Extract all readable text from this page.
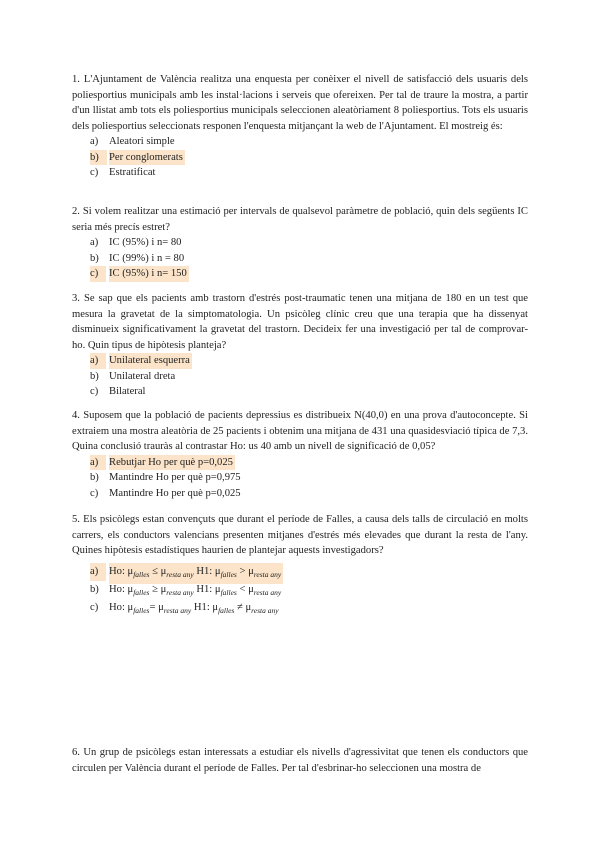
1. L'Ajuntament de València realitza una enquesta per conèixer el nivell de satisfacció dels usuaris dels poliesportius municipals amb les instal·lacions i serveis que ofereixen. Per tal de traure la mostra, a partir d'un llistat amb tots els poliesportius municipals seleccionen aleatòriament 8 poliesportius. Tots els usuaris dels poliesportius seleccionats responen l'enquesta mitjançant la web de l'Ajuntament. El mostreig és:

a) Aleatori simple
b) Per conglomerats
c) Estratificat

2. Si volem realitzar una estimació per intervals de qualsevol paràmetre de població, quin dels següents IC seria més precís estret?

a) IC (95%) i n= 80
b) IC (99%) i n = 80
c)	IC (95%) i n= 150

3. Se sap que els pacients amb trastorn d'estrés post-traumatic tenen una mitjana de 180 en un test que mesura la gravetat de la simptomatologia. Un psicòleg clínic creu que una terapia que ha dissenyat disminueix significativament la gravetat del trastorn. Decideix fer una investigació per tal de comprovar-ho. Quin tipus de hipòtesis planteja?

a)	Unilateral esquerra
b) Unilateral dreta
c) Bilateral

4. Suposem que la població de pacients depressius es distribueix N(40,0) en una prova d'autoconcepte. Si extraiem una mostra aleatòria de 25 pacients i obtenim una mitjana de 431 una quasidesviació típica de 7,3. Quina conclusió trauràs al contrastar Ho: us 40 amb un nivell de significació de 0,05?

a)	Rebutjar Ho per què p=0,025
b) Mantindre Ho per què p=0,975
c) Mantindre Ho per què p=0,025

5. Els psicòlegs estan convençuts que durant el període de Falles, a causa dels talls de circulació en molts carrers, els conductors valencians presenten mitjanes d'estrés més elevades que durant la resta de l'any. Quines hipòtesis estadístiques haurien de plantejar aquests investigadors?

a)	Ho: $\mu_{falles} \le \mu_{resta any}$ H1: $\mu_{falles} > \mu_{resta any}$
b) Ho: $\mu_{falles} \ge \mu_{resta any}$ H1: $\mu_{falles} < \mu_{resta any}$
c) Ho: $\mu_{falles}= \mu_{resta any}$ H1: $\mu_{falles} \ne \mu_{resta any}$

6. Un grup de psicòlegs estan interessats a estudiar els nivells d'agressivitat que tenen els conductors que circulen per València durant el període de Falles. Per tal d'esbrinar-ho seleccionen una mostra de
